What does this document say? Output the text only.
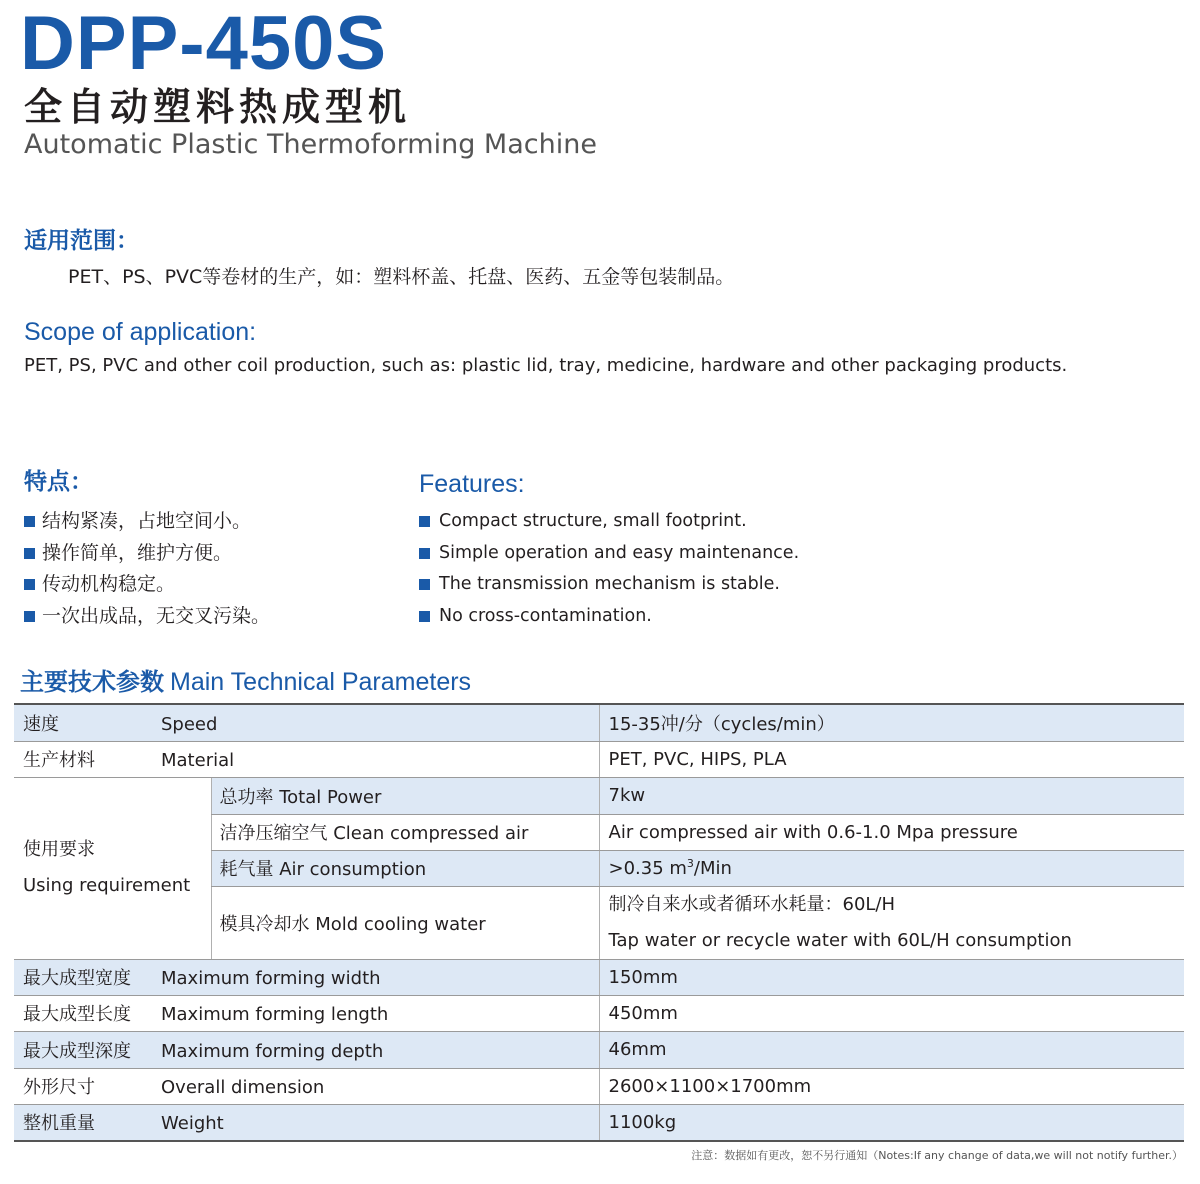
DPP-450S
全自动塑料热成型机
Automatic Plastic Thermoforming Machine
适用范围：
PET、PS、PVC等卷材的生产，如：塑料杯盖、托盘、医药、五金等包装制品。
Scope of application:
PET, PS, PVC and other coil production, such as: plastic lid, tray, medicine, hardware and other packaging products.
特点：	Features:
结构紧凑，占地空间小。
操作简单，维护方便。
传动机构稳定。
一次出成品，无交叉污染。
Compact structure, small footprint.
Simple operation and easy maintenance.
The transmission mechanism is stable.
No cross-contamination.
主要技术参数 Main Technical Parameters
速度 Speed		15-35冲/分（cycles/min）
生产材料 Material		PET, PVC, HIPS, PLA

使用要求
Using requirement	总功率 Total Power	7kw
	洁净压缩空气 Clean compressed air	Air compressed air with 0.6-1.0 Mpa pressure
	耗气量 Air consumption	>0.35 $m^3$/Min
	模具冷却水 Mold cooling water	制冷自来水或者循环水耗量：60L/H
Tap water or recycle water with 60L/H consumption

最大成型宽度 Maximum forming width		150mm
最大成型长度 Maximum forming length		450mm
最大成型深度 Maximum forming depth		46mm
外形尺寸 Overall dimension		2600×1100×1700mm
整机重量 Weight		1100kg
注意：数据如有更改，恕不另行通知（Notes:If any change of data,we will not notify further.）
